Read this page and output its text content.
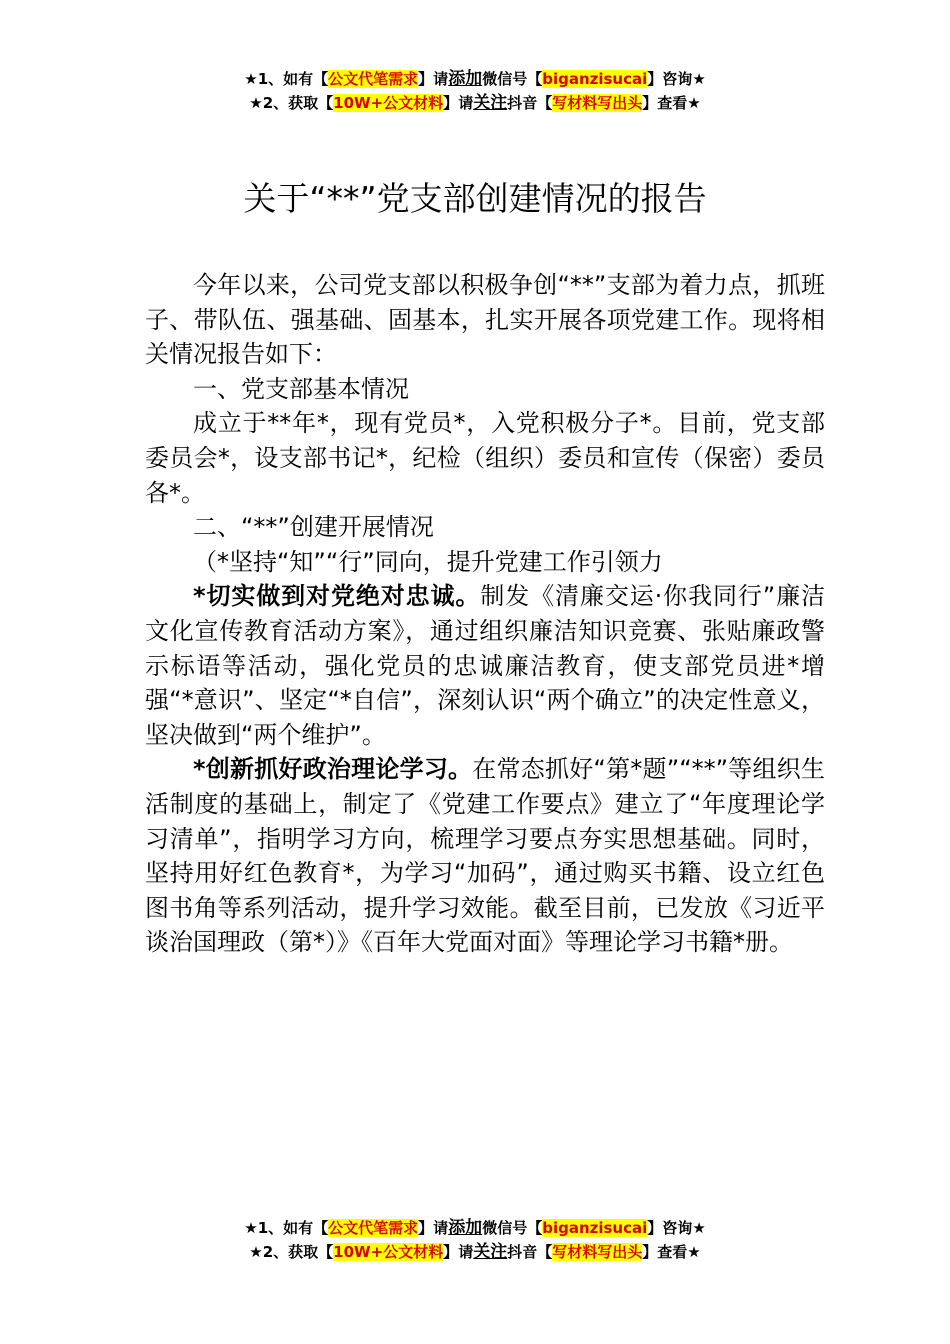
★1、如有【公文代笔需求】请添加微信号【biganzisucai】咨询★
★2、获取【10W+公文材料】请关注抖音【写材料写出头】查看★
关于“**”党支部创建情况的报告

今年以来，公司党支部以积极争创“**”支部为着力点，抓班子、带队伍、强基础、固基本，扎实开展各项党建工作。现将相关情况报告如下：

一、党支部基本情况

成立于**年*，现有党员*，入党积极分子*。目前，党支部委员会*，设支部书记*，纪检（组织）委员和宣传（保密）委员各*。

二、“**”创建开展情况

（*坚持“知”“行”同向，提升党建工作引领力

*切实做到对党绝对忠诚。制发《清廉交运·你我同行”廉洁文化宣传教育活动方案》，通过组织廉洁知识竞赛、张贴廉政警示标语等活动，强化党员的忠诚廉洁教育，使支部党员进*增强“*意识”、坚定“*自信”，深刻认识“两个确立”的决定性意义，坚决做到“两个维护”。

*创新抓好政治理论学习。在常态抓好“第*题”“**”等组织生活制度的基础上，制定了《党建工作要点》建立了“年度理论学习清单”，指明学习方向，梳理学习要点夯实思想基础。同时，坚持用好红色教育*，为学习“加码”，通过购买书籍、设立红色图书角等系列活动，提升学习效能。截至目前，已发放《习近平谈治国理政（第*）》《百年大党面对面》等理论学习书籍*册。

★1、如有【公文代笔需求】请添加微信号【biganzisucai】咨询★
★2、获取【10W+公文材料】请关注抖音【写材料写出头】查看★
